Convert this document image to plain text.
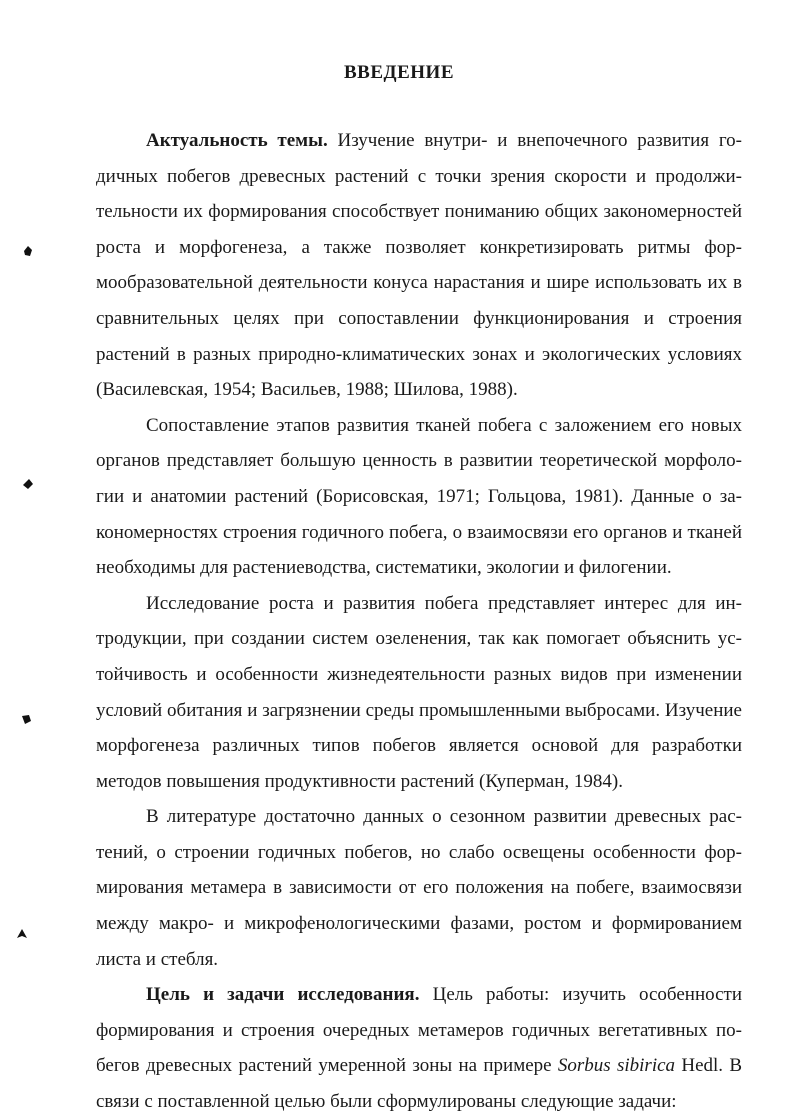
ВВЕДЕНИЕ

Актуальность темы. Изучение внутри- и внепочечного развития годичных побегов древесных растений с точки зрения скорости и продолжительности их формирования способствует пониманию общих закономерностей роста и морфогенеза, а также позволяет конкретизировать ритмы формообразовательной деятельности конуса нарастания и шире использовать их в сравнительных целях при сопоставлении функционирования и строения растений в разных природно-климатических зонах и экологических условиях (Василевская, 1954; Васильев, 1988; Шилова, 1988).

Сопоставление этапов развития тканей побега с заложением его новых органов представляет большую ценность в развитии теоретической морфологии и анатомии растений (Борисовская, 1971; Гольцова, 1981). Данные о закономерностях строения годичного побега, о взаимосвязи его органов и тканей необходимы для растениеводства, систематики, экологии и филогении.

Исследование роста и развития побега представляет интерес для интродукции, при создании систем озеленения, так как помогает объяснить устойчивость и особенности жизнедеятельности разных видов при изменении условий обитания и загрязнении среды промышленными выбросами. Изучение морфогенеза различных типов побегов является основой для разработки методов повышения продуктивности растений (Куперман, 1984).

В литературе достаточно данных о сезонном развитии древесных растений, о строении годичных побегов, но слабо освещены особенности формирования метамера в зависимости от его положения на побеге, взаимосвязи между макро- и микрофенологическими фазами, ростом и формированием листа и стебля.

Цель и задачи исследования. Цель работы: изучить особенности формирования и строения очередных метамеров годичных вегетативных побегов древесных растений умеренной зоны на примере Sorbus sibirica Hedl. В связи с поставленной целью были сформулированы следующие задачи:
